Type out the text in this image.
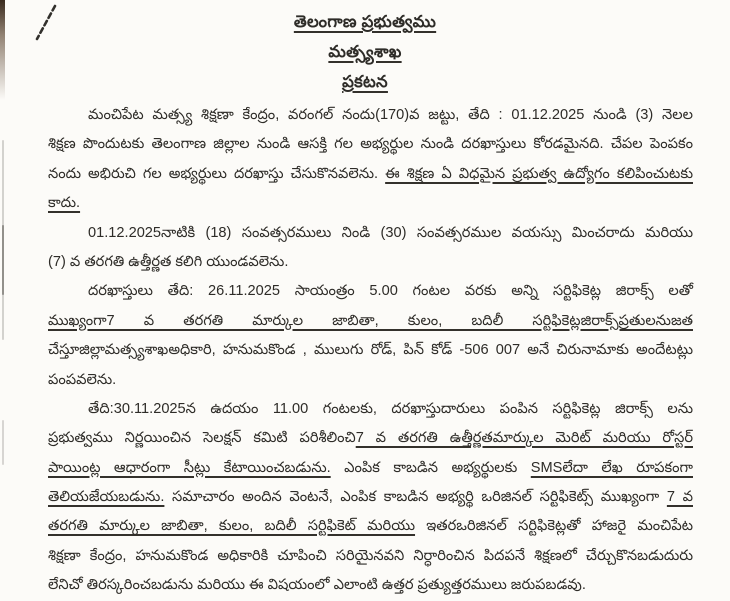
తెలంగాణ ప్రభుత్వము
మత్స్యశాఖ
ప్రకటన
మంచిపేట మత్స్య శిక్షణా కేంద్రం, వరంగల్ నందు(170)వ జట్టు, తేది : 01.12.2025 నుండి (3) నెలల
శిక్షణ పొందుటకు తెలంగాణ జిల్లాల నుండి ఆసక్తి గల అభ్యర్థుల నుండి దరఖాస్తులు కోరడమైనది. చేపల పెంపకం
నందు అభిరుచి గల అభ్యర్థులు దరఖాస్తు చేసుకొనవలెను. ఈ శిక్షణ ఏ విధమైన ప్రభుత్వ ఉద్యోగం కలిపించుటకు
కాదు.
01.12.2025నాటికి (18) సంవత్సరములు నిండి (30) సంవత్సరముల వయస్సు మించరాదు మరియు
(7) వ తరగతి ఉత్తీర్ణత కలిగి యుండవలెను.
దరఖాస్తులు తేది: 26.11.2025 సాయంత్రం 5.00 గంటల వరకు అన్ని సర్టిఫికెట్ల జిరాక్స్ లతో
ముఖ్యంగా7 వ తరగతి మార్కుల జాబితా, కులం, బదిలీ సర్టిఫికెట్లజిరాక్స్‌ప్రతులనుజత
చేస్తూజిల్లామత్స్యశాఖఅధికారి, హనుమకొండ , ములుగు రోడ్, పిన్ కోడ్ -506 007 అనే చిరునామాకు అందేటట్లు
పంపవలెను.
తేది:30.11.2025న ఉదయం 11.00 గంటలకు, దరఖాస్తుదారులు పంపిన సర్టిఫికెట్ల జిరాక్స్ లను
ప్రభుత్వము నిర్ణయించిన సెలక్షన్ కమిటి పరిశీలించి7 వ తరగతి ఉత్తీర్ణతమార్కుల మెరిట్ మరియు రోస్టర్
పాయింట్ల ఆధారంగా సీట్లు కేటాయించబడును. ఎంపిక కాబడిన అభ్యర్థులకు SMSలేదా లేఖ రూపకంగా
తెలియజేయబడును. సమాచారం అందిన వెంటనే, ఎంపిక కాబడిన అభ్యర్థి ఒరిజినల్ సర్టిఫికెట్స్ ముఖ్యంగా 7 వ
తరగతి మార్కుల జాబితా, కులం, బదిలీ సర్టిఫికెట్ మరియు ఇతరఒరిజినల్ సర్టిఫికెట్లతో హాజరై మంచిపేట
శిక్షణా కేంద్రం, హనుమకొండ అధికారికి చూపించి సరియైనవని నిర్ధారించిన పిదపనే శిక్షణలో చేర్చుకొనబడుదురు
లేనిచో తిరస్కరించబడును మరియు ఈ విషయంలో ఎలాంటి ఉత్తర ప్రత్యుత్తరములు జరుపబడవు.
